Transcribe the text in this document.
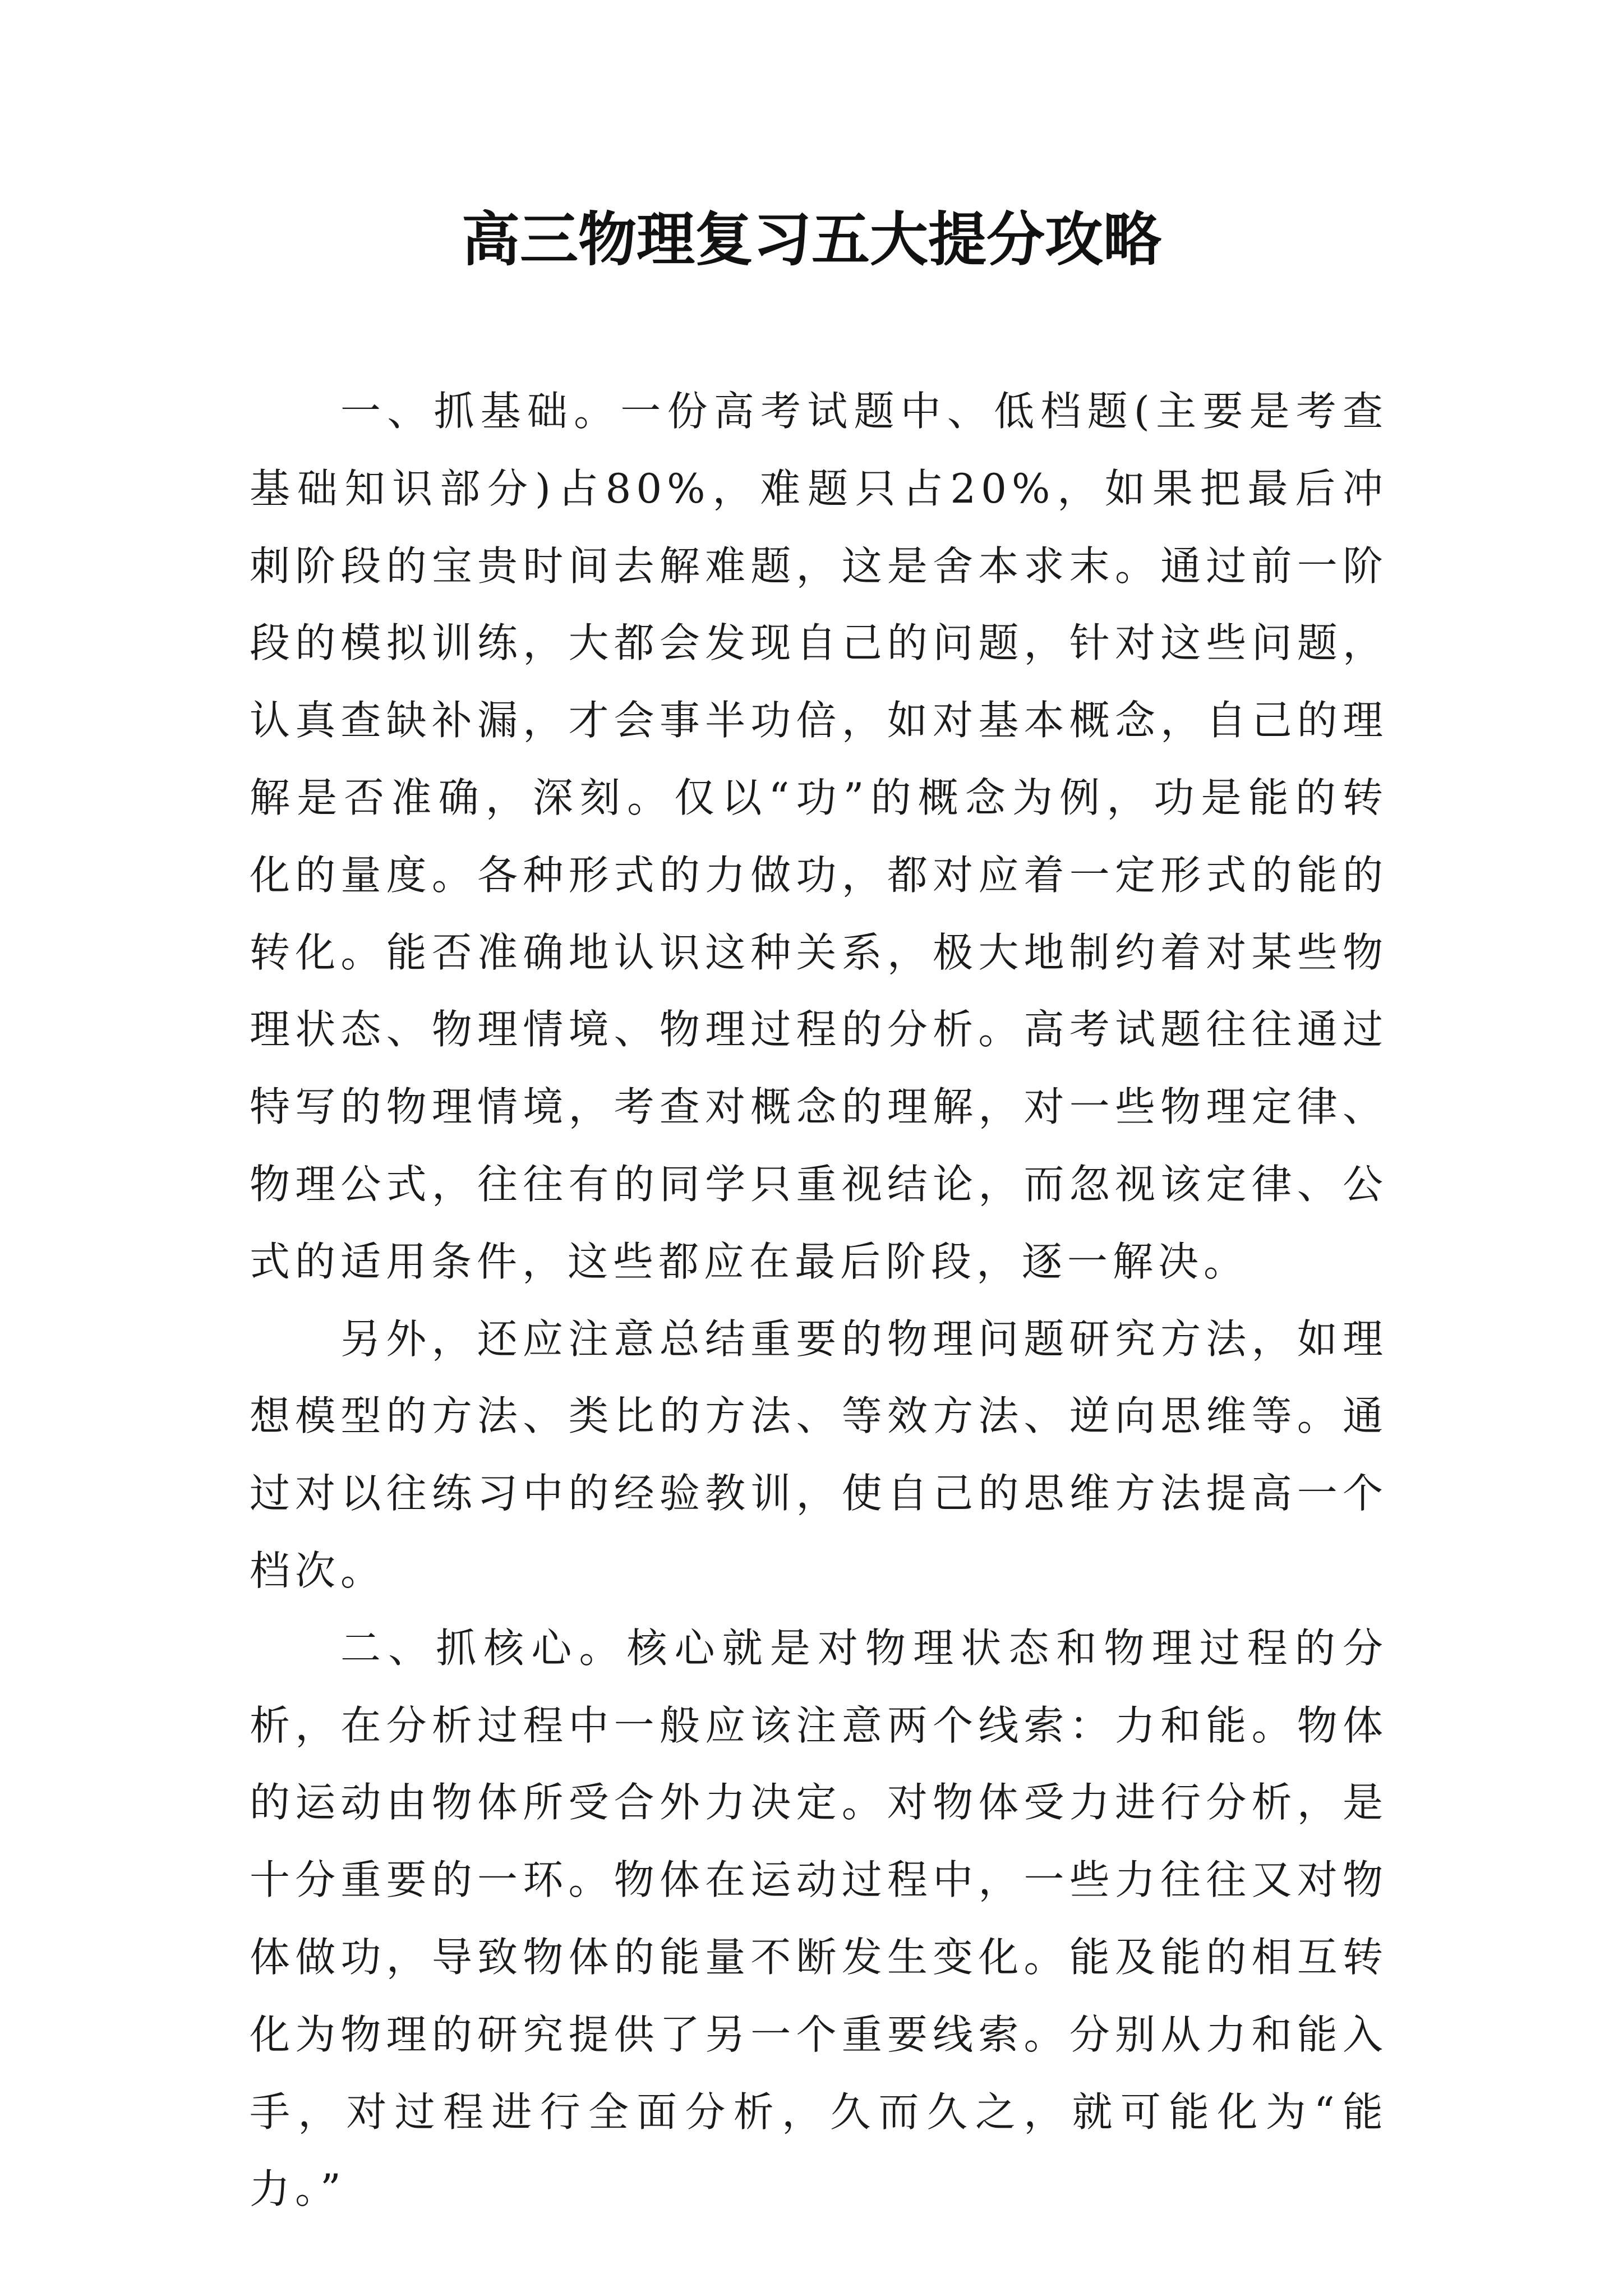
高三物理复习五大提分攻略

一、抓基础。一份高考试题中、低档题(主要是考查基础知识部分)占80%，难题只占20%，如果把最后冲刺阶段的宝贵时间去解难题，这是舍本求末。通过前一阶段的模拟训练，大都会发现自己的问题，针对这些问题，认真查缺补漏，才会事半功倍，如对基本概念，自己的理解是否准确，深刻。仅以“功”的概念为例，功是能的转化的量度。各种形式的力做功，都对应着一定形式的能的转化。能否准确地认识这种关系，极大地制约着对某些物理状态、物理情境、物理过程的分析。高考试题往往通过特写的物理情境，考查对概念的理解，对一些物理定律、物理公式，往往有的同学只重视结论，而忽视该定律、公式的适用条件，这些都应在最后阶段，逐一解决。

另外，还应注意总结重要的物理问题研究方法，如理想模型的方法、类比的方法、等效方法、逆向思维等。通过对以往练习中的经验教训，使自己的思维方法提高一个档次。

二、抓核心。核心就是对物理状态和物理过程的分析，在分析过程中一般应该注意两个线索：力和能。物体的运动由物体所受合外力决定。对物体受力进行分析，是十分重要的一环。物体在运动过程中，一些力往往又对物体做功，导致物体的能量不断发生变化。能及能的相互转化为物理的研究提供了另一个重要线索。分别从力和能入手，对过程进行全面分析，久而久之，就可能化为“能力。”
